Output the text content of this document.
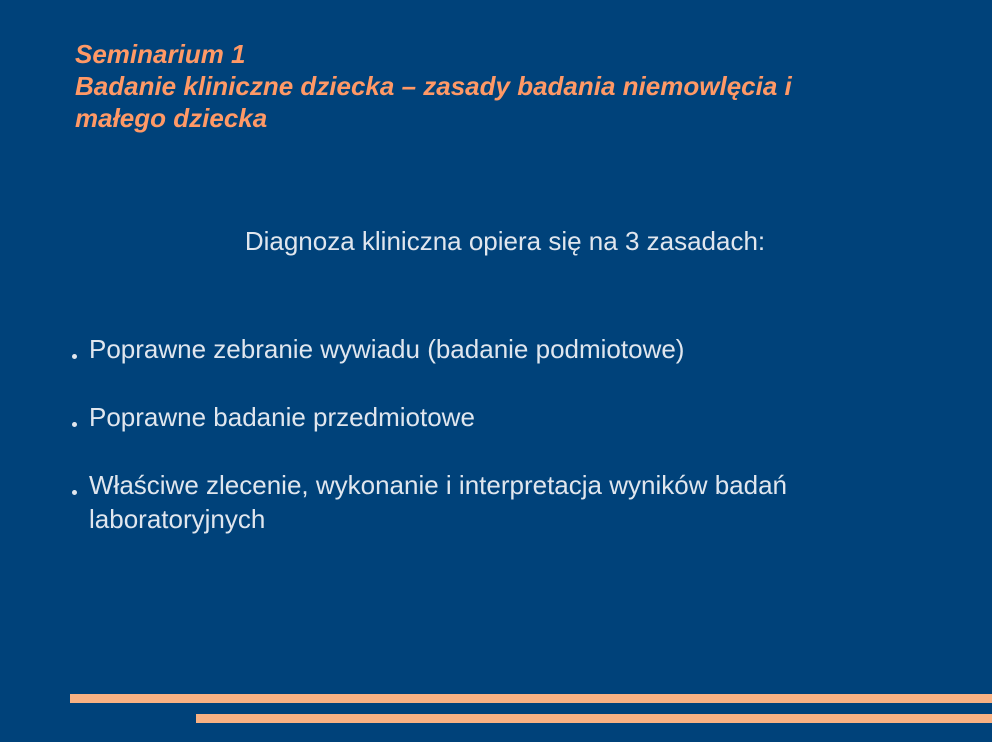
Seminarium 1
Badanie kliniczne dziecka – zasady badania niemowlęcia i
małego dziecka
Diagnoza kliniczna opiera się na 3 zasadach:
Poprawne zebranie wywiadu (badanie podmiotowe)
Poprawne badanie przedmiotowe
Właściwe zlecenie, wykonanie i interpretacja wyników badań laboratoryjnych
